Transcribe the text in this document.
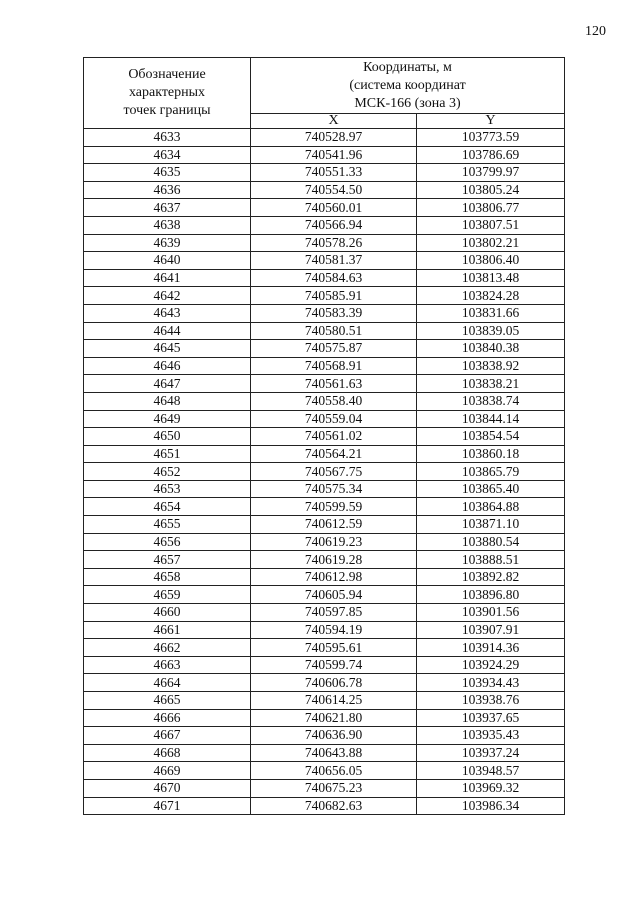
120
Обозначение
характерных
точек границы	Координаты, м
(система координат
МСК-166 (зона 3)	

	X	Y
4633	740528.97	103773.59
4634	740541.96	103786.69
4635	740551.33	103799.97
4636	740554.50	103805.24
4637	740560.01	103806.77
4638	740566.94	103807.51
4639	740578.26	103802.21
4640	740581.37	103806.40
4641	740584.63	103813.48
4642	740585.91	103824.28
4643	740583.39	103831.66
4644	740580.51	103839.05
4645	740575.87	103840.38
4646	740568.91	103838.92
4647	740561.63	103838.21
4648	740558.40	103838.74
4649	740559.04	103844.14
4650	740561.02	103854.54
4651	740564.21	103860.18
4652	740567.75	103865.79
4653	740575.34	103865.40
4654	740599.59	103864.88
4655	740612.59	103871.10
4656	740619.23	103880.54
4657	740619.28	103888.51
4658	740612.98	103892.82
4659	740605.94	103896.80
4660	740597.85	103901.56
4661	740594.19	103907.91
4662	740595.61	103914.36
4663	740599.74	103924.29
4664	740606.78	103934.43
4665	740614.25	103938.76
4666	740621.80	103937.65
4667	740636.90	103935.43
4668	740643.88	103937.24
4669	740656.05	103948.57
4670	740675.23	103969.32
4671	740682.63	103986.34
